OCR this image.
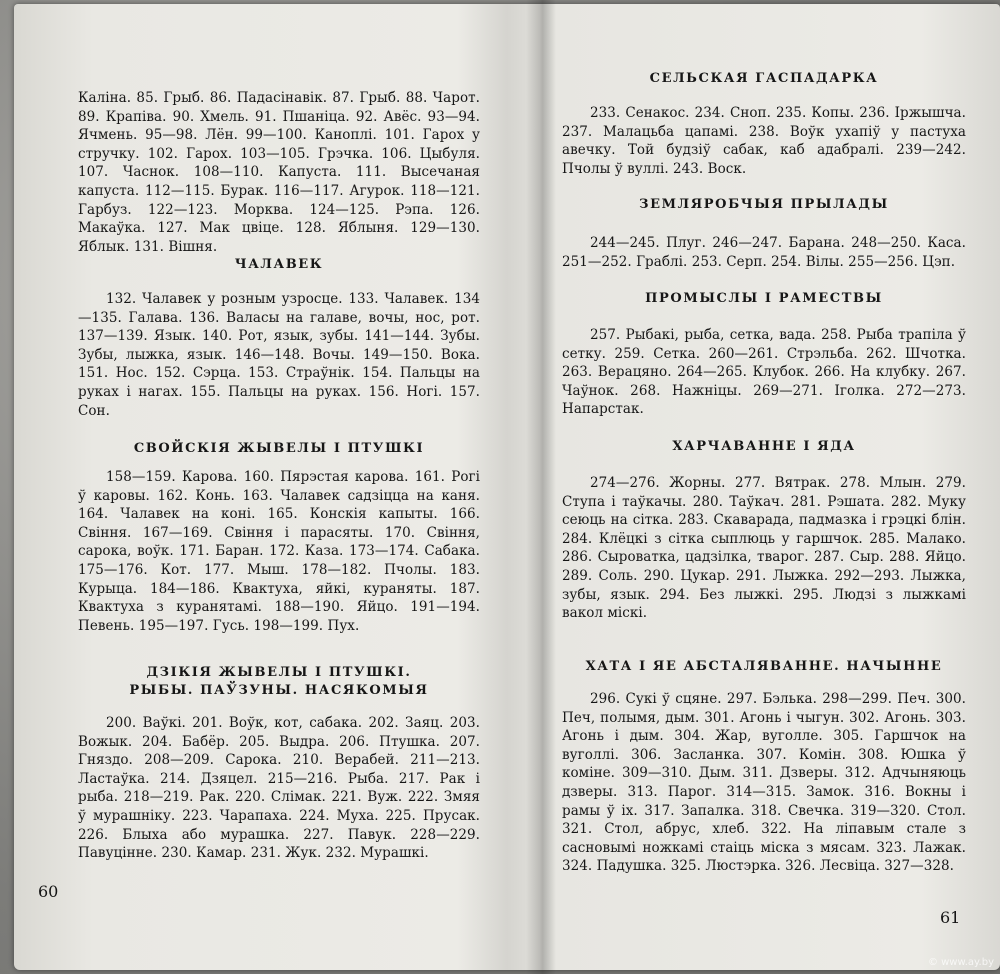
Каліна. 85. Грыб. 86. Падасінавік. 87. Грыб. 88. Чарот. 89. Крапіва. 90. Хмель. 91. Пшаніца. 92. Авёс. 93—94. Ячмень. 95—98. Лён. 99—100. Каноплі. 101. Гарох у стручку. 102. Гарох. 103—105. Грэчка. 106. Цыбуля. 107. Часнок. 108—110. Капуста. 111. Высечаная капуста. 112—115. Бурак. 116—117. Агурок. 118—121. Гарбуз. 122—123. Морква. 124—125. Рэпа. 126. Макаўка. 127. Мак цвіце. 128. Яблыня. 129—130. Яблык. 131. Вішня.

ЧАЛАВЕК

132. Чалавек у розным узросце. 133. Чалавек. 134—135. Галава. 136. Валасы на галаве, вочы, нос, рот. 137—139. Язык. 140. Рот, язык, зубы. 141—144. Зубы. Зубы, лыжка, язык. 146—148. Вочы. 149—150. Вока. 151. Нос. 152. Сэрца. 153. Страўнік. 154. Пальцы на руках і нагах. 155. Пальцы на руках. 156. Ногі. 157. Сон.

СВОЙСКІЯ ЖЫВЕЛЫ І ПТУШКІ

158—159. Карова. 160. Пярэстая карова. 161. Рогі ў каровы. 162. Конь. 163. Чалавек садзіцца на каня. 164. Чалавек на коні. 165. Конскія капыты. 166. Свіння. 167—169. Свіння і парасяты. 170. Свіння, сарока, воўк. 171. Баран. 172. Каза. 173—174. Сабака. 175—176. Кот. 177. Мыш. 178—182. Пчолы. 183. Курыца. 184—186. Квактуха, яйкі, кураняты. 187. Квактуха з куранятамі. 188—190. Яйцо. 191—194. Певень. 195—197. Гусь. 198—199. Пух.

ДЗІКІЯ ЖЫВЕЛЫ І ПТУШКІ.
РЫБЫ. ПАЎЗУНЫ. НАСЯКОМЫЯ

200. Ваўкі. 201. Воўк, кот, сабака. 202. Заяц. 203. Вожык. 204. Бабёр. 205. Выдра. 206. Птушка. 207. Гняздо. 208—209. Сарока. 210. Верабей. 211—213. Ластаўка. 214. Дзяцел. 215—216. Рыба. 217. Рак і рыба. 218—219. Рак. 220. Слімак. 221. Вуж. 222. Змяя ў мурашніку. 223. Чарапаха. 224. Муха. 225. Прусак. 226. Блыха або мурашка. 227. Павук. 228—229. Павуцінне. 230. Камар. 231. Жук. 232. Мурашкі.

60
СЕЛЬСКАЯ ГАСПАДАРКА

233. Сенакос. 234. Сноп. 235. Копы. 236. Іржышча. 237. Малацьба цапамі. 238. Воўк ухапіў у пастуха авечку. Той будзіў сабак, каб адабралі. 239—242. Пчолы ў вуллі. 243. Воск.

ЗЕМЛЯРОБЧЫЯ ПРЫЛАДЫ

244—245. Плуг. 246—247. Барана. 248—250. Каса. 251—252. Граблі. 253. Серп. 254. Вілы. 255—256. Цэп.

ПРОМЫСЛЫ І РАМЕСТВЫ

257. Рыбакі, рыба, сетка, вада. 258. Рыба трапіла ў сетку. 259. Сетка. 260—261. Стрэльба. 262. Шчотка. 263. Верацяно. 264—265. Клубок. 266. На клубку. 267. Чаўнок. 268. Нажніцы. 269—271. Іголка. 272—273. Напарстак.

ХАРЧАВАННЕ І ЯДА

274—276. Жорны. 277. Вятрак. 278. Млын. 279. Ступа і таўкачы. 280. Таўкач. 281. Рэшата. 282. Муку сеюць на сітка. 283. Скаварада, падмазка і грэцкі блін. 284. Клёцкі з сітка сыплюць у гаршчок. 285. Малако. 286. Сыроватка, цадзілка, тварог. 287. Сыр. 288. Яйцо. 289. Соль. 290. Цукар. 291. Лыжка. 292—293. Лыжка, зубы, язык. 294. Без лыжкі. 295. Людзі з лыжкамі вакол міскі.

ХАТА І ЯЕ АБСТАЛЯВАННЕ. НАЧЫННЕ

296. Сукі ў сцяне. 297. Бэлька. 298—299. Печ. 300. Печ, полымя, дым. 301. Агонь і чыгун. 302. Агонь. 303. Агонь і дым. 304. Жар, вуголле. 305. Гаршчок на вуголлі. 306. Засланка. 307. Комін. 308. Юшка ў коміне. 309—310. Дым. 311. Дзверы. 312. Адчыняюць дзверы. 313. Парог. 314—315. Замок. 316. Вокны і рамы ў іх. 317. Запалка. 318. Свечка. 319—320. Стол. 321. Стол, абрус, хлеб. 322. На ліпавым стале з сасновымі ножкамі стаіць міска з мясам. 323. Лажак. 324. Падушка. 325. Люстэрка. 326. Лесвіца. 327—328.

61
© www.ay.by
